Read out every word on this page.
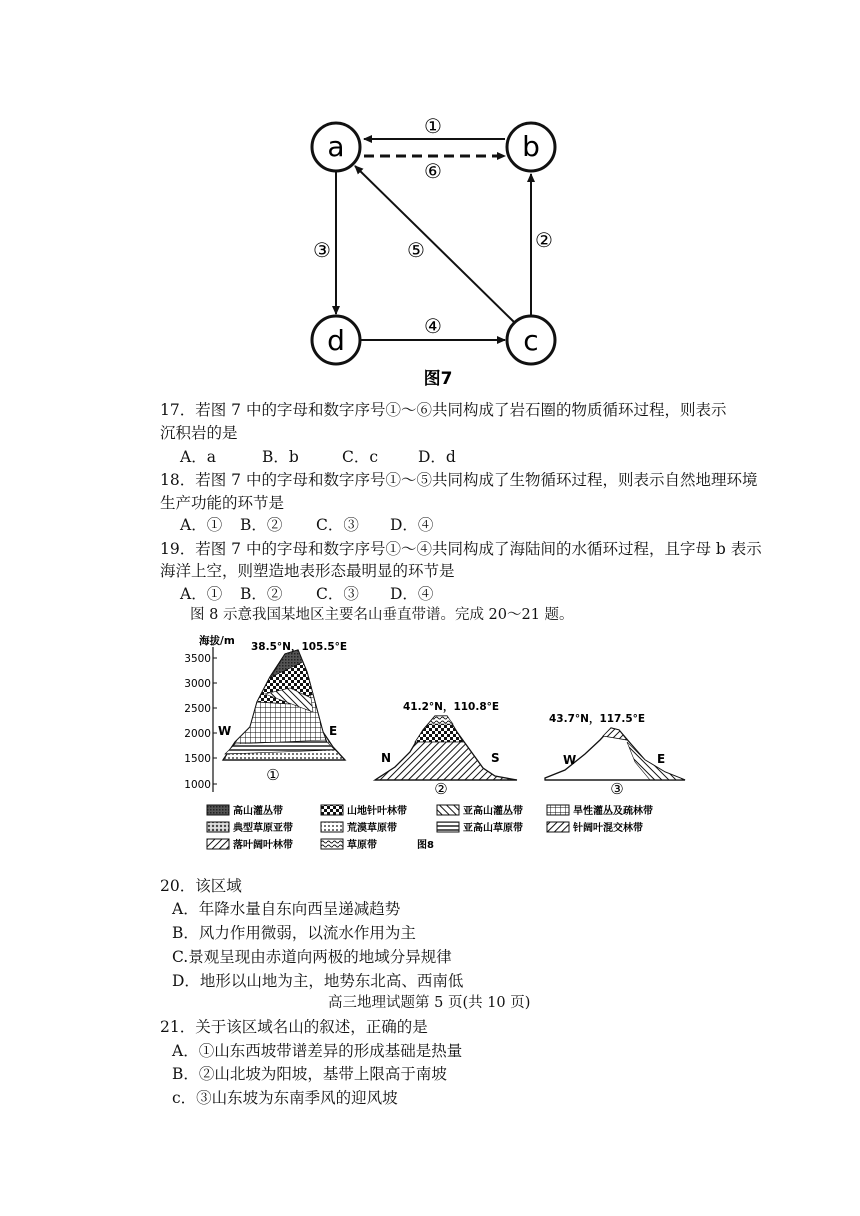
a	b
c
d
①
⑥
③	②
④
⑤
图7
17．若图 7 中的字母和数字序号①～⑥共同构成了岩石圈的物质循环过程，则表示
沉积岩的是
A．a	B．b	C．c	D．d
18．若图 7 中的字母和数字序号①～⑤共同构成了生物循环过程，则表示自然地理环境
生产功能的环节是
A．① B．② C．③ D．④
19．若图 7 中的字母和数字序号①～④共同构成了海陆间的水循环过程，且字母 b 表示
海洋上空，则塑造地表形态最明显的环节是
A．① B．② C．③ D．④
图 8 示意我国某地区主要名山垂直带谱。完成 20～21 题。
海拔/m
3500
3000
2500
2000
1500
1000
38.5°N，105.5°E
W	E
①
41.2°N，110.8°E
N	S
②
43.7°N，117.5°E
W	E
③
高山灌丛带	山地针叶林带	亚高山灌丛带	旱性灌丛及疏林带
典型草原亚带	荒漠草原带	亚高山草原带	针阔叶混交林带
落叶阔叶林带	草原带	图8
20．该区域
A．年降水量自东向西呈递减趋势
B．风力作用微弱，以流水作用为主
C.景观呈现由赤道向两极的地域分异规律
D．地形以山地为主，地势东北高、西南低
高三地理试题第 5 页(共 10 页)
21．关于该区域名山的叙述，正确的是
A．①山东西坡带谱差异的形成基础是热量
B．②山北坡为阳坡，基带上限高于南坡
c．③山东坡为东南季风的迎风坡
